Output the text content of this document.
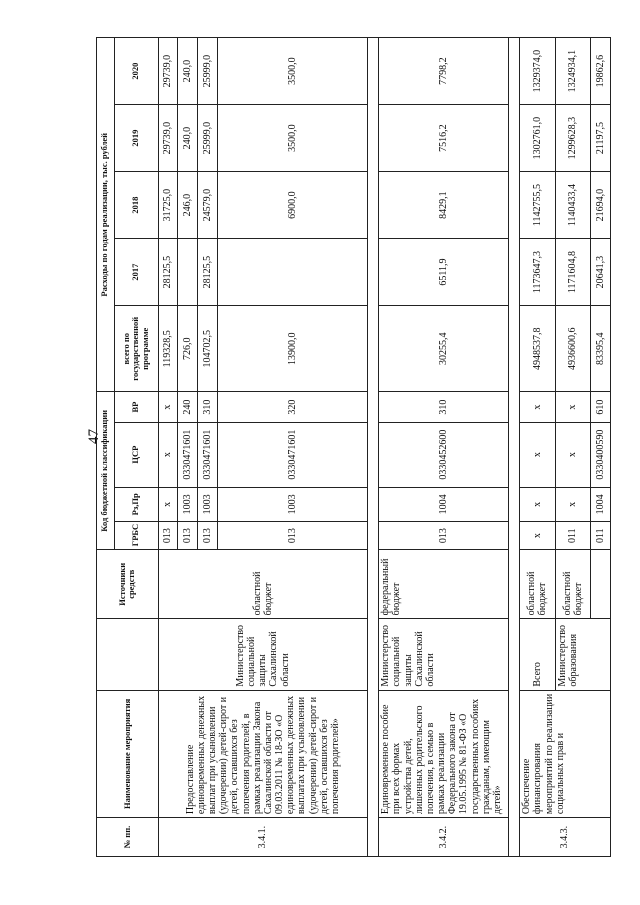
47
№ пп.	Наименование мероприятия		Источники средств	Код бюджетной классификации				Расходы по годам реализации, тыс. рублей				
				ГРБС	Рз,Пр	ЦСР	ВР	всего по государственной программе	2017	2018	2019	2020
3.4.1.	Предоставление единовременных денежных выплат при усыновлении (удочерении) детей-сирот и детей, оставшихся без попечения родителей, в рамках реализации Закона Сахалинской области от 09.03.2011 № 18-ЗО «О единовременных денежных выплатах при усыновлении (удочерении) детей-сирот и детей, оставшихся без попечения родителей»	Министерство социальной защиты Сахалинской области	областной бюджет	013	х	х	х	119328,5	28125,5	31725,0	29739,0	29739,0
				013	1003	0330471601	240	726,0		246,0	240,0	240,0
				013	1003	0330471601	310	104702,5	28125,5	24579,0	25999,0	25999,0
				013	1003	0330471601	320	13900,0		6900,0	3500,0	3500,0

3.4.2.	Единовременное пособие при всех формах устройства детей, лишенных родительского попечения, в семью в рамках реализации Федерального закона от 19.05.1995 № 81-ФЗ «О государственных пособиях гражданам, имеющим детей»	Министерство социальной защиты Сахалинской области	федеральный бюджет	013	1004	0330452600	310	30255,4	6511,9	8429,1	7516,2	7798,2

3.4.3.	Обеспечение финансирования мероприятий по реализации социальных прав и	Всего	областной бюджет	х	х	х	х	4948537,8	1173647,3	1142755,5	1302761,0	1329374,0
		Министерство образования	областной бюджет	011	х	х	х	4936600,6	1171604,8	1140433,4	1299628,3	1324934,1
				011	1004	0330400590	610	83395,4	20641,3	21694,0	21197,5	19862,6
